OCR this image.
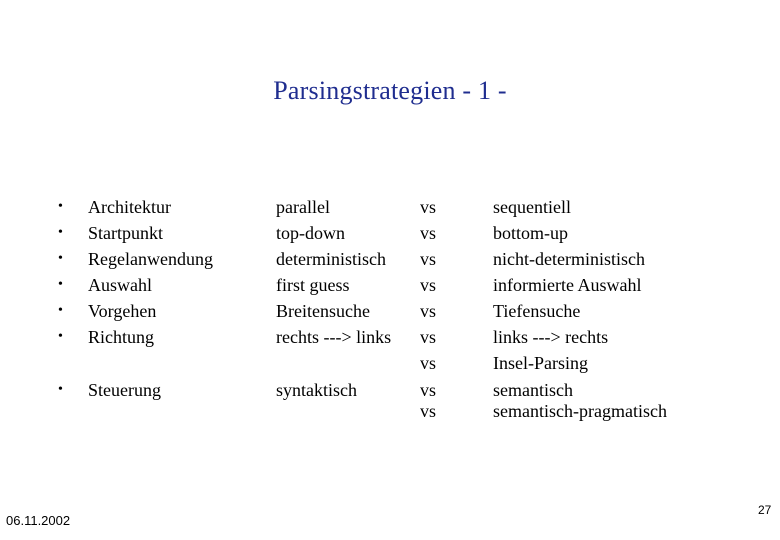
Parsingstrategien - 1 -
• Architektur	parallel	vs	sequentiell
• Startpunkt	top-down	vs	bottom-up
• Regelanwendung	deterministisch vs	nicht-deterministisch
• Auswahl	first guess	vs	informierte Auswahl
• Vorgehen	Breitensuche	vs	Tiefensuche
• Richtung	rechts ---> links vs	links ---> rechts
vs	Insel-Parsing
• Steuerung	syntaktisch	vs	semantisch
vs	semantisch-pragmatisch
06.11.2002
27
